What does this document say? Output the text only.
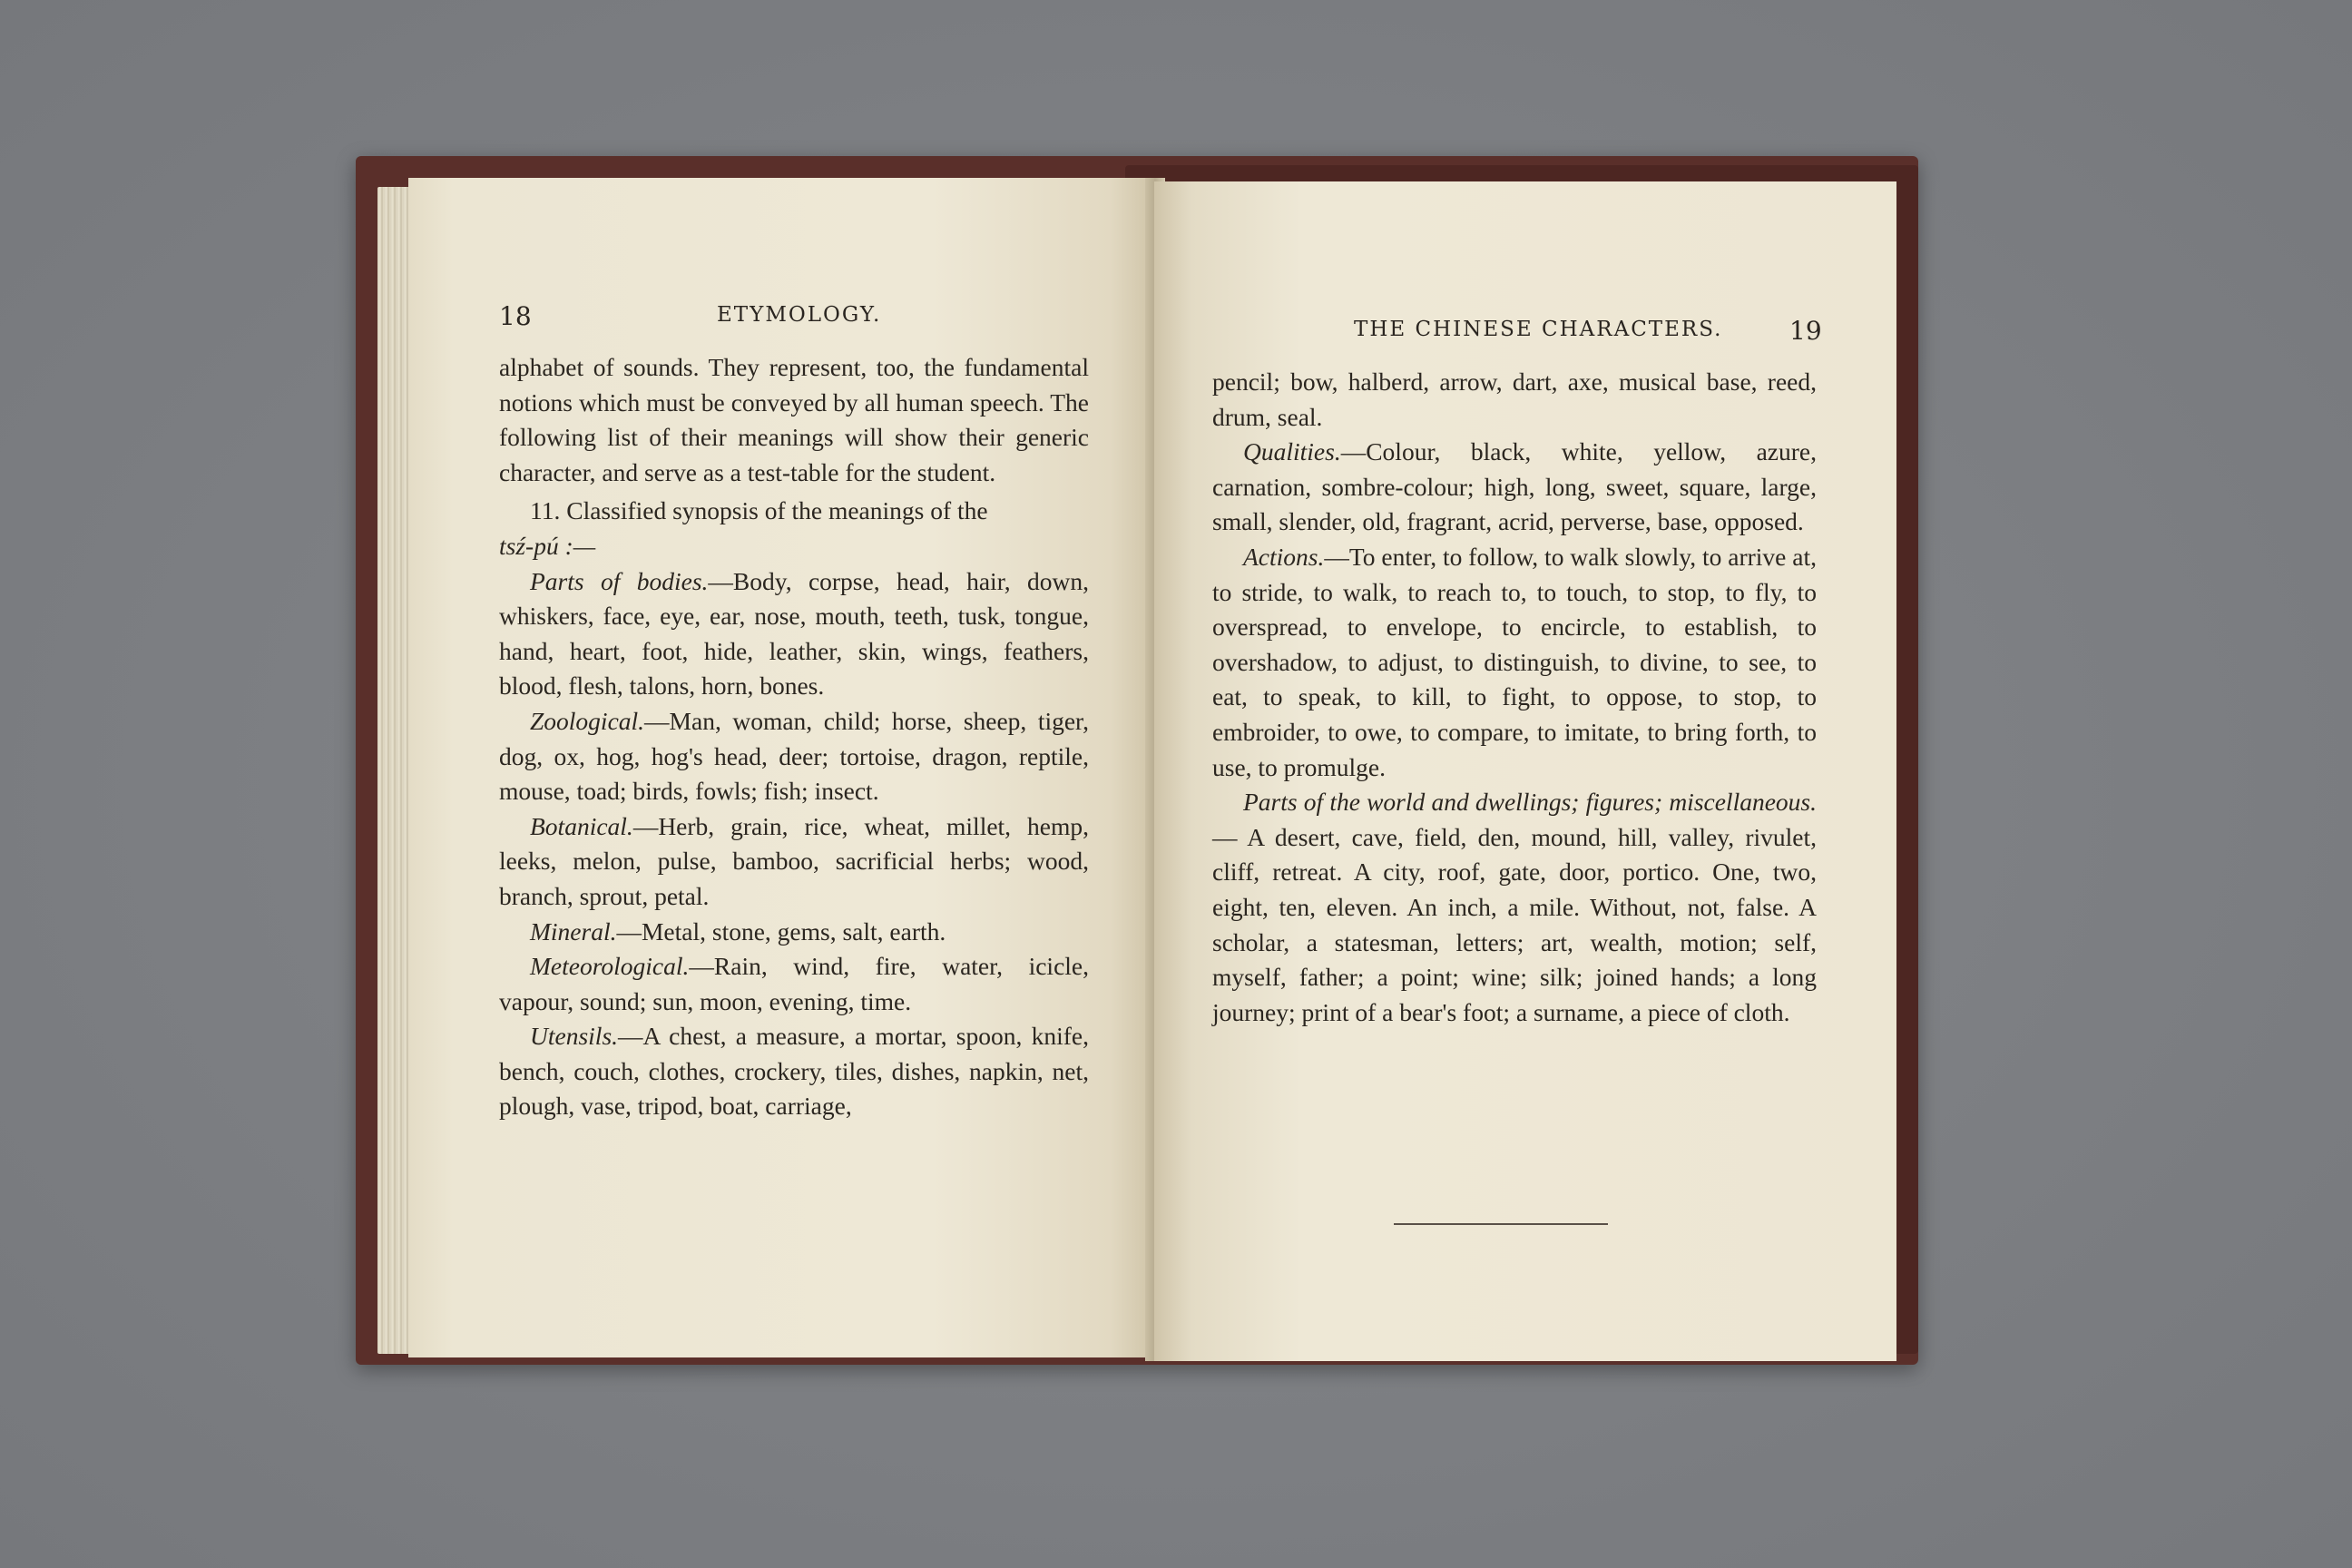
18	ETYMOLOGY.

alphabet of sounds. They represent, too, the fundamental notions which must be conveyed by all human speech. The following list of their meanings will show their generic character, and serve as a test-table for the student.

11. Classified synopsis of the meanings of the

tsź-pú :—

Parts of bodies.—Body, corpse, head, hair, down, whiskers, face, eye, ear, nose, mouth, teeth, tusk, tongue, hand, heart, foot, hide, leather, skin, wings, feathers, blood, flesh, talons, horn, bones.

Zoological.—Man, woman, child; horse, sheep, tiger, dog, ox, hog, hog's head, deer; tortoise, dragon, reptile, mouse, toad; birds, fowls; fish; insect.

Botanical.—Herb, grain, rice, wheat, millet, hemp, leeks, melon, pulse, bamboo, sacrificial herbs; wood, branch, sprout, petal.

Mineral.—Metal, stone, gems, salt, earth.

Meteorological.—Rain, wind, fire, water, icicle, vapour, sound; sun, moon, evening, time.

Utensils.—A chest, a measure, a mortar, spoon, knife, bench, couch, clothes, crockery, tiles, dishes, napkin, net, plough, vase, tripod, boat, carriage,

THE CHINESE CHARACTERS.	19

pencil; bow, halberd, arrow, dart, axe, musical base, reed, drum, seal.

Qualities.—Colour, black, white, yellow, azure, carnation, sombre-colour; high, long, sweet, square, large, small, slender, old, fragrant, acrid, perverse, base, opposed.

Actions.—To enter, to follow, to walk slowly, to arrive at, to stride, to walk, to reach to, to touch, to stop, to fly, to overspread, to envelope, to encircle, to establish, to overshadow, to adjust, to distinguish, to divine, to see, to eat, to speak, to kill, to fight, to oppose, to stop, to embroider, to owe, to compare, to imitate, to bring forth, to use, to promulge.

Parts of the world and dwellings; figures; miscellaneous.— A desert, cave, field, den, mound, hill, valley, rivulet, cliff, retreat. A city, roof, gate, door, portico. One, two, eight, ten, eleven. An inch, a mile. Without, not, false. A scholar, a statesman, letters; art, wealth, motion; self, myself, father; a point; wine; silk; joined hands; a long journey; print of a bear's foot; a surname, a piece of cloth.
